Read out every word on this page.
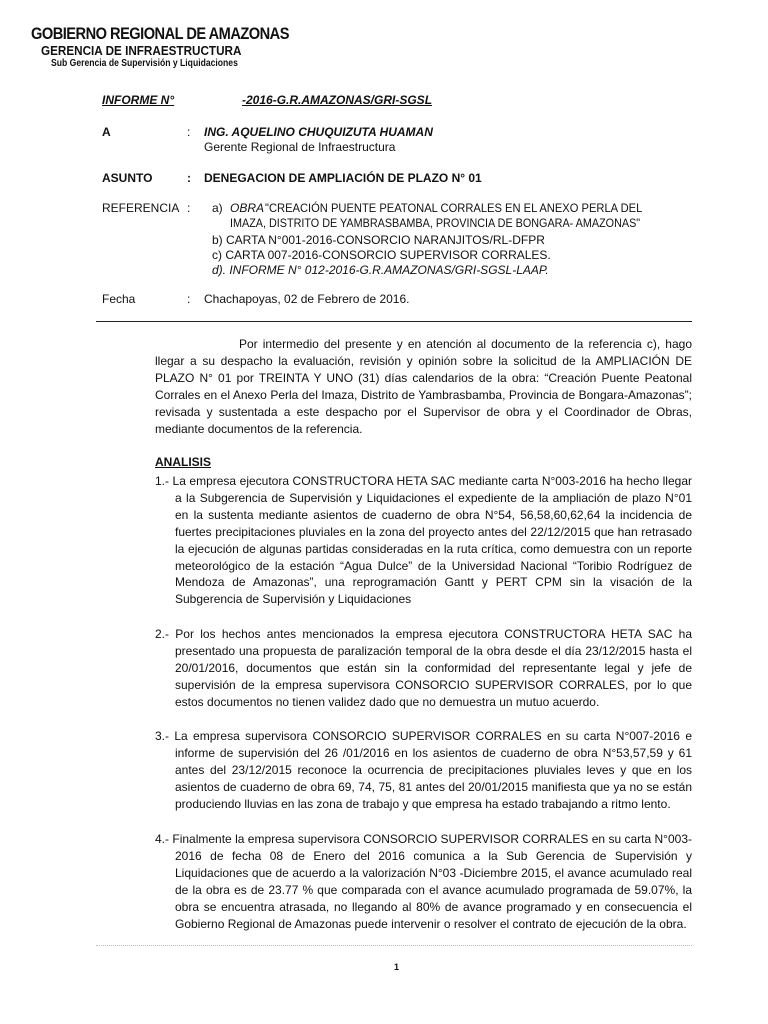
GOBIERNO REGIONAL DE AMAZONAS
GERENCIA DE INFRAESTRUCTURA
Sub Gerencia de Supervisión y Liquidaciones
INFORME N°	-2016-G.R.AMAZONAS/GRI-SGSL
A	: ING. AQUELINO CHUQUIZUTA HUAMAN
Gerente Regional de Infraestructura
ASUNTO	: DENEGACION DE AMPLIACIÓN DE PLAZO N° 01
REFERENCIA : a) OBRA "CREACIÓN PUENTE PEATONAL CORRALES EN EL ANEXO PERLA DEL
IMAZA, DISTRITO DE YAMBRASBAMBA, PROVINCIA DE BONGARA- AMAZONAS"
b) CARTA N°001-2016-CONSORCIO NARANJITOS/RL-DFPR
c) CARTA 007-2016-CONSORCIO SUPERVISOR CORRALES.
d). INFORME N° 012-2016-G.R.AMAZONAS/GRI-SGSL-LAAP.
Fecha	: Chachapoyas, 02 de Febrero de 2016.

Por intermedio del presente y en atención al documento de la referencia c), hago llegar a su despacho la evaluación, revisión y opinión sobre la solicitud de la AMPLIACIÓN DE PLAZO N° 01 por TREINTA Y UNO (31) días calendarios de la obra: “Creación Puente Peatonal Corrales en el Anexo Perla del Imaza, Distrito de Yambrasbamba, Provincia de Bongara-Amazonas”; revisada y sustentada a este despacho por el Supervisor de obra y el Coordinador de Obras, mediante documentos de la referencia.

ANALISIS

1.- La empresa ejecutora CONSTRUCTORA HETA SAC mediante carta N°003-2016 ha hecho llegar a la Subgerencia de Supervisión y Liquidaciones el expediente de la ampliación de plazo N°01 en la sustenta mediante asientos de cuaderno de obra N°54, 56,58,60,62,64 la incidencia de fuertes precipitaciones pluviales en la zona del proyecto antes del 22/12/2015 que han retrasado la ejecución de algunas partidas consideradas en la ruta crítica, como demuestra con un reporte meteorológico de la estación “Agua Dulce” de la Universidad Nacional “Toribio Rodríguez de Mendoza de Amazonas”, una reprogramación Gantt y PERT CPM sin la visación de la Subgerencia de Supervisión y Liquidaciones

2.- Por los hechos antes mencionados la empresa ejecutora CONSTRUCTORA HETA SAC ha presentado una propuesta de paralización temporal de la obra desde el día 23/12/2015 hasta el 20/01/2016, documentos que están sin la conformidad del representante legal y jefe de supervisión de la empresa supervisora CONSORCIO SUPERVISOR CORRALES, por lo que estos documentos no tienen validez dado que no demuestra un mutuo acuerdo.

3.- La empresa supervisora CONSORCIO SUPERVISOR CORRALES en su carta N°007-2016 e informe de supervisión del 26 /01/2016 en los asientos de cuaderno de obra N°53,57,59 y 61 antes del 23/12/2015 reconoce la ocurrencia de precipitaciones pluviales leves y que en los asientos de cuaderno de obra 69, 74, 75, 81 antes del 20/01/2015 manifiesta que ya no se están produciendo lluvias en las zona de trabajo y que empresa ha estado trabajando a ritmo lento.

4.- Finalmente la empresa supervisora CONSORCIO SUPERVISOR CORRALES en su carta N°003-2016 de fecha 08 de Enero del 2016 comunica a la Sub Gerencia de Supervisión y Liquidaciones que de acuerdo a la valorización N°03 -Diciembre 2015, el avance acumulado real de la obra es de 23.77 % que comparada con el avance acumulado programada de 59.07%, la obra se encuentra atrasada, no llegando al 80% de avance programado y en consecuencia el Gobierno Regional de Amazonas puede intervenir o resolver el contrato de ejecución de la obra.

1
